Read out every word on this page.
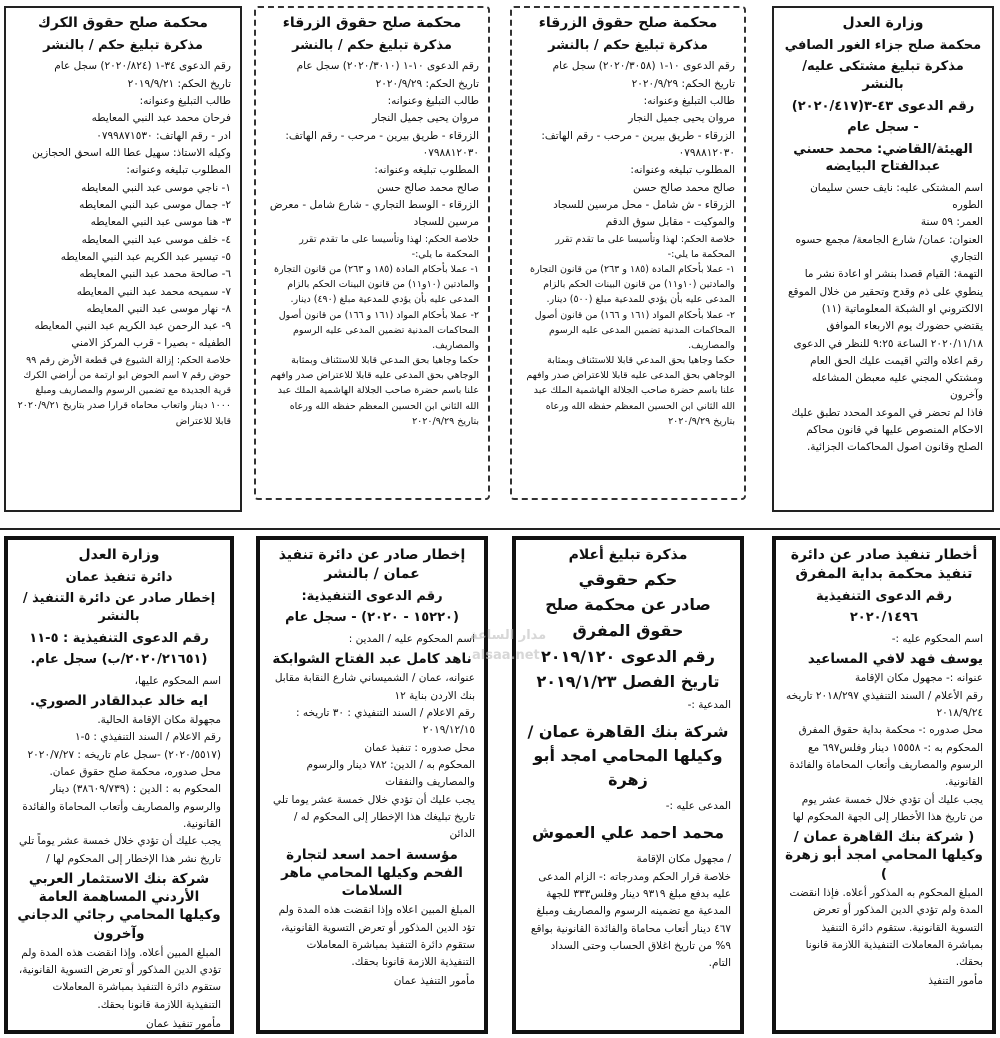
وزارة العدل
محكمة صلح جزاء الغور الصافي
مذكرة تبليغ مشتكى عليه/بالنشر
رقم الدعوى ٤٣-٣(٢٠٢٠/٤١٧)
- سجل عام
الهيئة/القاضي: محمد حسني عبدالفتاح البيايضه
اسم المشتكى عليه: نايف حسن سليمان الطوره
العمر: ٥٩ سنة
العنوان: عمان/ شارع الجامعة/ مجمع حسوه التجاري
التهمة: القيام قصدا بنشر او اعادة نشر ما ينطوي على ذم وقدح وتحقير من خلال الموقع الالكتروني او الشبكة المعلوماتية (١١)
يقتضي حضورك يوم الاربعاء الموافق ٢٠٢٠/١١/١٨ الساعة ٩:٢٥ للنظر في الدعوى رقم اعلاه والتي اقيمت عليك الحق العام ومشتكي المجني عليه معبطن المشاعله وآخرون
فاذا لم تحضر في الموعد المحدد تطبق عليك الاحكام المنصوص عليها في قانون محاكم الصلح وقانون اصول المحاكمات الجزائية.
محكمة صلح حقوق الزرقاء
مذكرة تبليغ حكم / بالنشر
رقم الدعوى ١٠-١ (٢٠٢٠/٣٠٥٨) سجل عام
تاريخ الحكم: ٢٠٢٠/٩/٢٩
طالب التبليغ وعنوانه:
مروان يحيى جميل النجار
الزرقاء - طريق بيرين - مرحب - رقم الهاتف: ٠٧٩٨٨١٢٠٣٠
المطلوب تبليغه وعنوانه:
صالح محمد صالح حسن
الزرقاء - ش شامل - محل مرسين للسجاد والموكيت - مقابل سوق الدقم
خلاصة الحكم: لهذا وتأسيسا على ما تقدم تقرر المحكمة ما يلي:-
١- عملا بأحكام المادة (١٨٥ و ٢٦٣) من قانون التجارة والمادتين (١٠و١١) من قانون البينات الحكم بالزام المدعى عليه بأن يؤدي للمدعية مبلغ (٥٠٠) دينار.
٢- عملا بأحكام المواد (١٦١ و ١٦٦) من قانون أصول المحاكمات المدنية تضمين المدعى عليه الرسوم والمصاريف.
حكما وجاهيا بحق المدعي قابلا للاستئناف وبمثابة الوجاهي بحق المدعى عليه قابلا للاعتراض صدر وافهم علنا باسم حضرة صاحب الجلالة الهاشمية الملك عبد الله الثاني ابن الحسين المعظم حفظه الله ورعاه بتاريخ ٢٠٢٠/٩/٢٩
محكمة صلح حقوق الزرقاء
مذكرة تبليغ حكم / بالنشر
رقم الدعوى ١٠-١ (٢٠٢٠/٣٠١٠) سجل عام
تاريخ الحكم: ٢٠٢٠/٩/٢٩
طالب التبليغ وعنوانه:
مروان يحيى جميل النجار
الزرقاء - طريق بيرين - مرحب - رقم الهاتف: ٠٧٩٨٨١٢٠٣٠
المطلوب تبليغه وعنوانه:
صالح محمد صالح حسن
الزرقاء - الوسط التجاري - شارع شامل - معرض مرسين للسجاد
خلاصة الحكم: لهذا وتأسيسا على ما تقدم تقرر المحكمة ما يلي:-
١- عملا بأحكام المادة (١٨٥ و ٢٦٣) من قانون التجارة والمادتين (١٠و١١) من قانون البينات الحكم بالزام المدعى عليه بأن يؤدي للمدعية مبلغ (٤٩٠) دينار.
٢- عملا بأحكام المواد (١٦١ و ١٦٦) من قانون أصول المحاكمات المدنية تضمين المدعى عليه الرسوم والمصاريف.
حكما وجاهيا بحق المدعي قابلا للاستئناف وبمثابة الوجاهي بحق المدعى عليه قابلا للاعتراض صدر وافهم علنا باسم حضرة صاحب الجلالة الهاشمية الملك عبد الله الثاني ابن الحسين المعظم حفظه الله ورعاه بتاريخ ٢٠٢٠/٩/٢٩
محكمة صلح حقوق الكرك
مذكرة تبليغ حكم / بالنشر
رقم الدعوى ٣٤-١ (٢٠٢٠/٨٢٤) سجل عام
تاريخ الحكم: ٢٠١٩/٩/٢١
طالب التبليغ وعنوانه:
فرحان محمد عبد النبي المعايطه
ادر - رقم الهاتف: ٠٧٩٩٨٧١٥٣٠
وكيله الاستاذ: سهيل عطا الله اسحق الحجازين
المطلوب تبليغه وعنوانه:
١- ناجي موسى عبد النبي المعايطه
٢- جمال موسى عبد النبي المعايطه
٣- هنا موسى عبد النبي المعايطه
٤- خلف موسى عبد النبي المعايطه
٥- تيسير عبد الكريم عبد النبي المعايطه
٦- صالحة محمد عبد النبي المعايطه
٧- سميحه محمد عبد النبي المعايطه
٨- نهار موسى عبد النبي المعايطه
٩- عبد الرحمن عبد الكريم عبد النبي المعايطه
الطفيله - بصيرا - قرب المركز الامني
خلاصة الحكم: إزالة الشيوع في قطعة الأرض رقم ٩٩ حوض رقم ٧ اسم الحوض ابو ارتمة من أراضي الكرك قرية الجديدة مع تضمين الرسوم والمصاريف ومبلغ ١٠٠٠ دينار واتعاب محاماه قرارا صدر بتاريخ ٢٠٢٠/٩/٢١ قابلا للاعتراض
أخطار تنفيذ صادر عن دائرة تنفيذ محكمة بداية المفرق
رقم الدعوى التنفيذية
٢٠٢٠/١٤٩٦
اسم المحكوم عليه :-
يوسف فهد لافي المساعيد
عنوانه :- مجهول مكان الإقامة
رقم الأعلام / السند التنفيذي ٢٠١٨/٢٩٧ تاريخه ٢٠١٨/٩/٢٤
محل صدوره :- محكمة بداية حقوق المفرق
المحكوم به :- ١٥٥٥٨ دينار وفلس٦٩٧ مع الرسوم والمصاريف وأتعاب المحاماة والفائدة القانونية.
يجب عليك أن تؤدي خلال خمسة عشر يوم من تاريخ هذا الأخطار إلى الجهة المحكوم لها
( شركة بنك القاهرة عمان / وكيلها المحامي امجد أبو زهرة )
المبلغ المحكوم به المذكور أعلاه. فإذا انقضت المدة ولم تؤدي الدين المذكور أو تعرض التسوية القانونية. ستقوم دائرة التنفيذ بمباشرة المعاملات التنفيذية اللازمة قانونا بحقك.
مأمور التنفيذ
مذكرة تبليغ أعلام
حكم حقوقي
صادر عن محكمة صلح
حقوق المفرق
رقم الدعوى ٢٠١٩/١٢٠
تاريخ الفصل ٢٠١٩/١/٢٣
المدعية :-
شركة بنك القاهرة عمان / وكيلها المحامي امجد أبو زهرة
المدعى عليه :-
محمد احمد علي العموش
/ مجهول مكان الإقامة
خلاصة قرار الحكم ومدرجاته :- الزام المدعى عليه بدفع مبلغ ٩٣١٩ دينار وفلس٣٣٣ للجهة المدعية مع تضمينه الرسوم والمصاريف ومبلغ ٤٦٧ دينار أتعاب محاماة والفائدة القانونية بواقع ٩% من تاريخ اغلاق الحساب وحتى السداد التام.
إخطار صادر عن دائرة تنفيذ عمان / بالنشر
رقم الدعوى التنفيذية:
(١٥٢٢٠ - ٢٠٢٠) - سجل عام
اسم المحكوم عليه / المدين :
ناهد كامل عبد الفتاح الشوابكة
عنوانه، عمان / الشميساني شارع النقابة مقابل بنك الاردن بناية ١٢
رقم الاعلام / السند التنفيذي : ٣٠ تاريخه : ٢٠١٩/١٢/١٥
محل صدوره : تنفيذ عمان
المحكوم به / الدين: ٧٨٢ دينار والرسوم والمصاريف والنفقات
يجب عليك أن تؤدي خلال خمسة عشر يوما تلي تاريخ تبليغك هذا الإخطار إلى المحكوم له / الدائن
مؤسسة احمد اسعد لتجارة الفحم وكيلها المحامي ماهر السلامات
المبلغ المبين اعلاه وإذا انقضت هذه المدة ولم تؤد الدين المذكور أو تعرض التسوية القانونية، ستقوم دائرة التنفيذ بمباشرة المعاملات التنفيذية اللازمة قانونا بحقك.
مأمور التنفيذ عمان
وزارة العدل
دائرة تنفيذ عمان
إخطار صادر عن دائرة التنفيذ / بالنشر
رقم الدعوى التنفيذية : ٥-١١
(٢٠٢٠/٢١٦٥١/ب) سجل عام.
اسم المحكوم عليها،
ايه خالد عبدالقادر الصوري.
مجهولة مكان الإقامة الحالية.
رقم الاعلام / السند التنفيذي : ٥-١ (٢٠٢٠/٥٥١٧) -سجل عام تاريخه : ٢٠٢٠/٧/٢٧
محل صدوره، محكمة صلح حقوق عمان.
المحكوم به : الدين : (٣٨٦٠٩/٧٣٩) دينار والرسوم والمصاريف وأتعاب المحاماة والفائدة القانونية.
يجب عليك أن تؤدي خلال خمسة عشر يوماً تلي تاريخ نشر هذا الإخطار إلى المحكوم لها /
شركة بنك الاستثمار العربي الأردني المساهمة العامة وكيلها المحامي رجائي الدجاني وآخرون
المبلغ المبين أعلاه. وإذا انقضت هذه المدة ولم تؤدي الدين المذكور أو تعرض التسوية القانونية، ستقوم دائرة التنفيذ بمباشرة المعاملات التنفيذية اللازمة قانونا بحقك.
مأمور تنفيذ عمان
مدار الساعة
alsaa.net
